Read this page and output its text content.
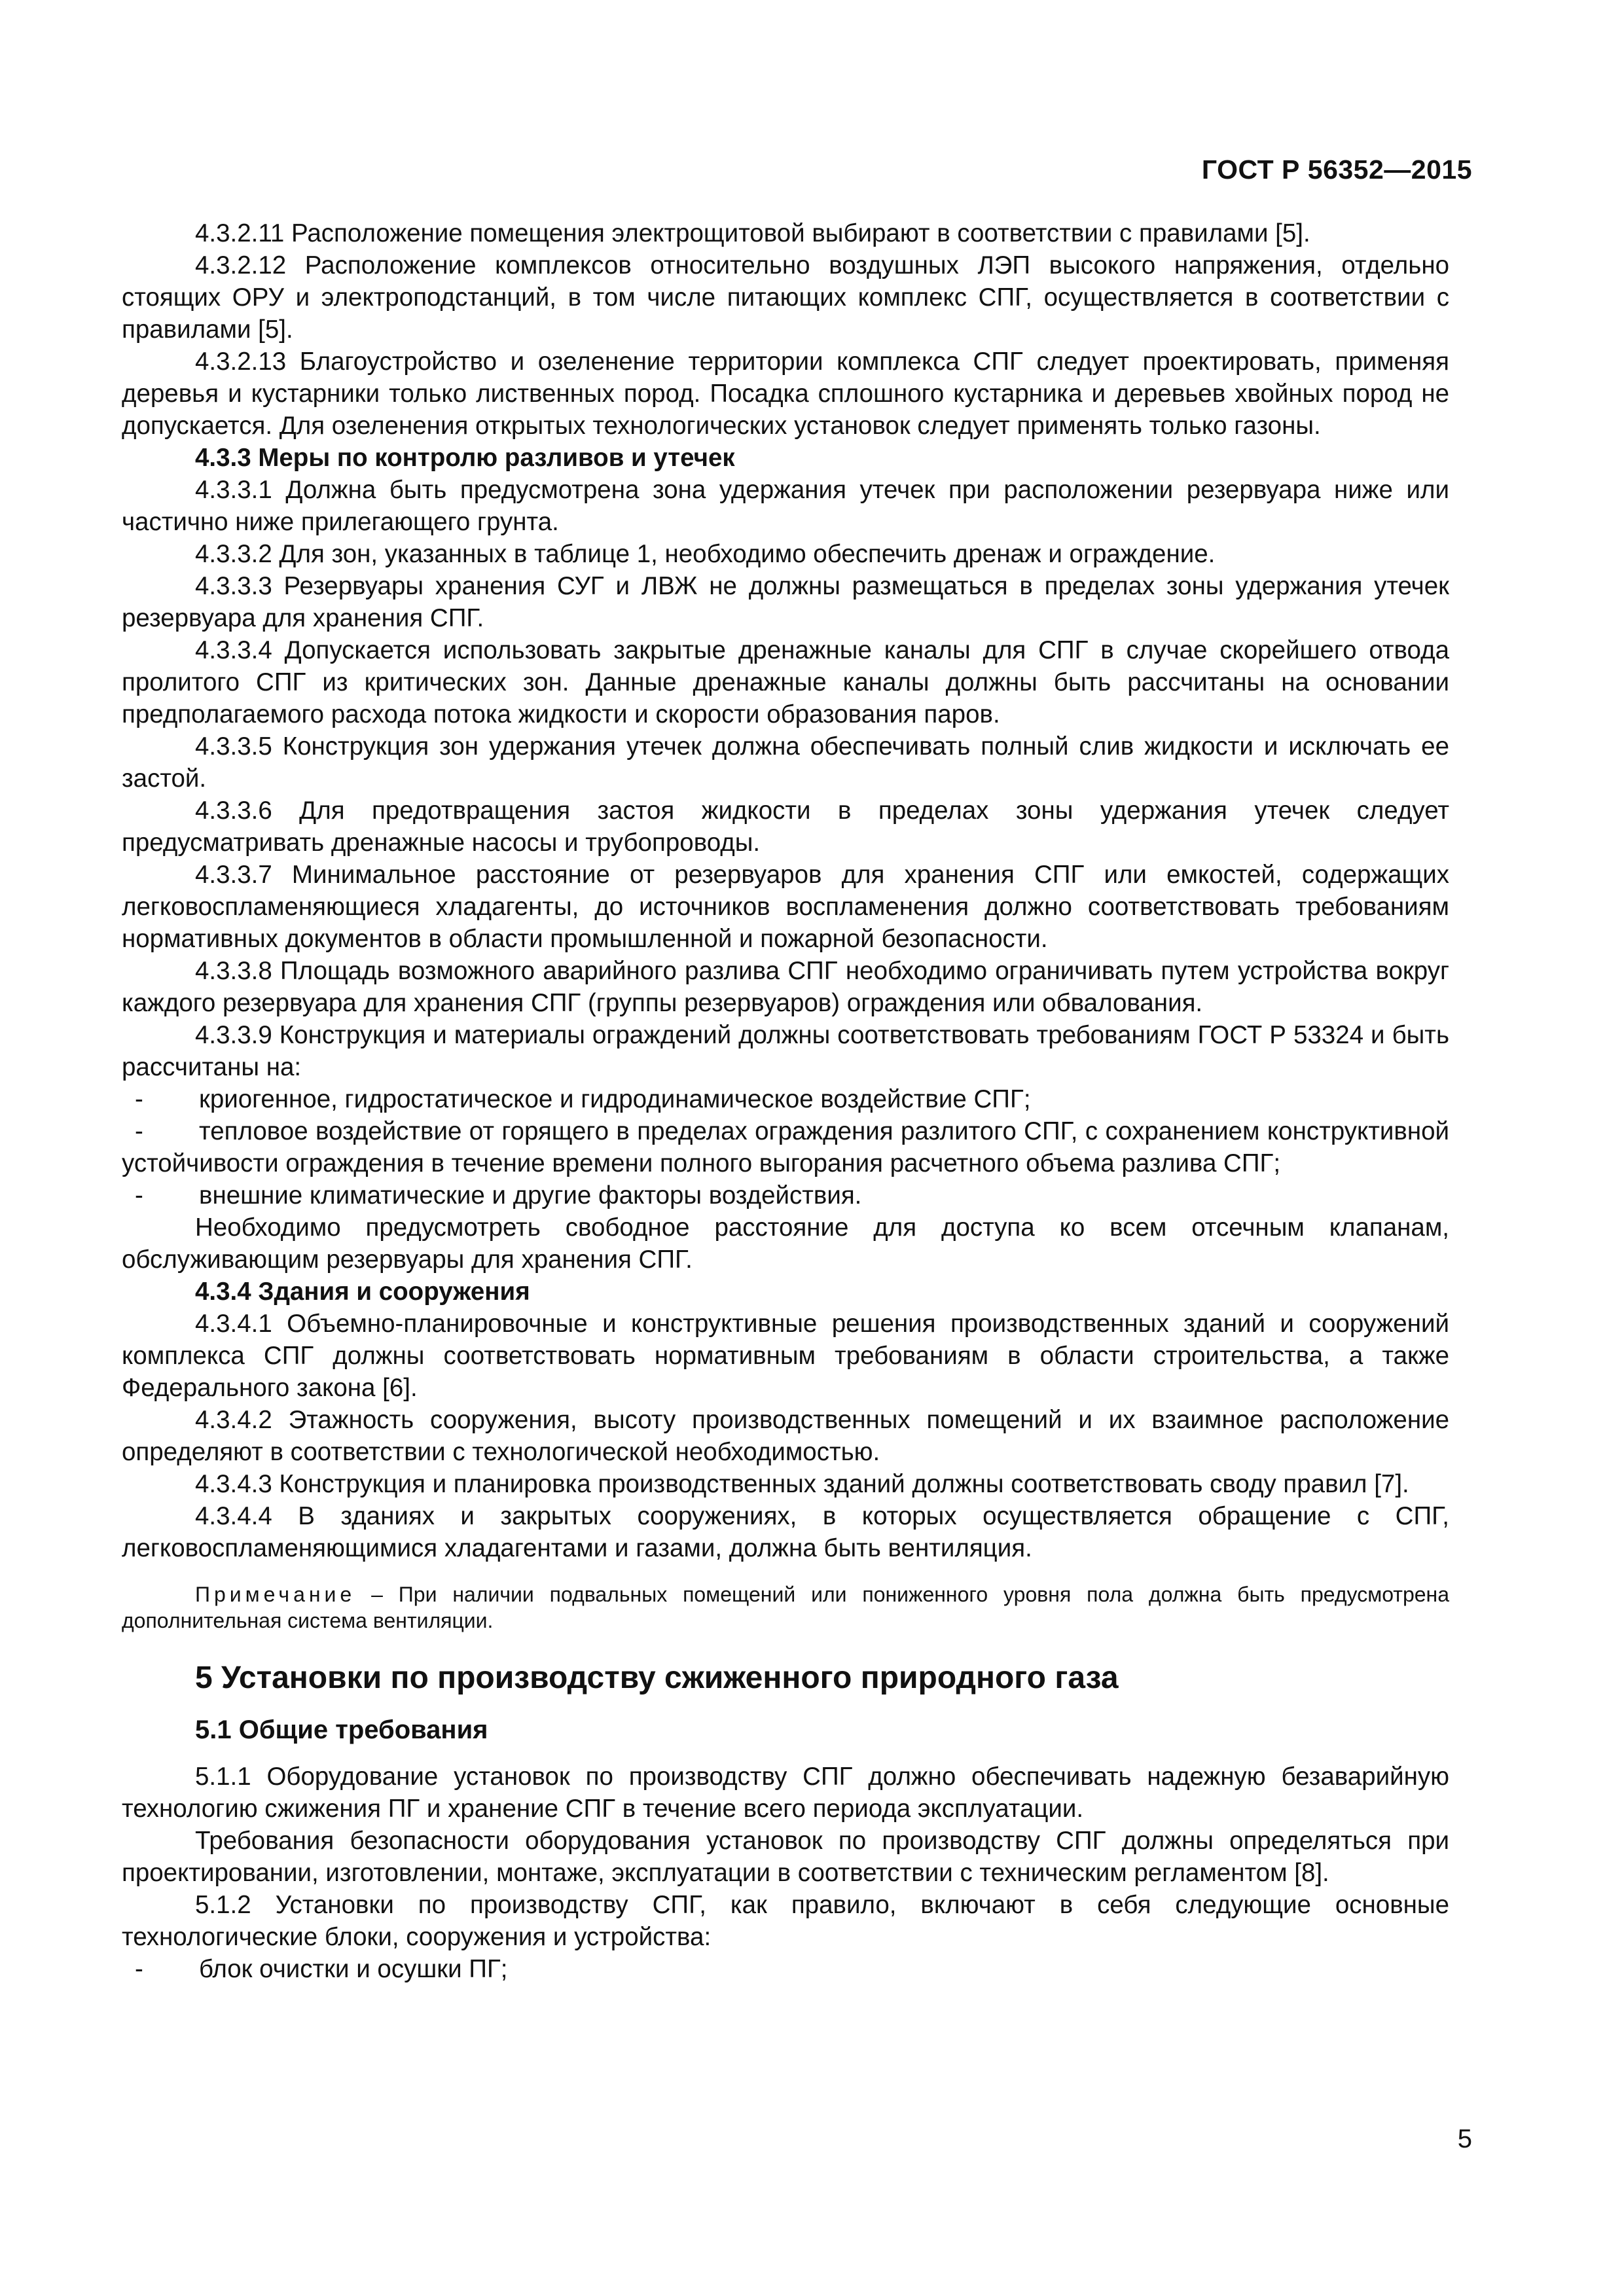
ГОСТ Р 56352—2015

4.3.2.11 Расположение помещения электрощитовой выбирают в соответствии с правилами [5].

4.3.2.12 Расположение комплексов относительно воздушных ЛЭП высокого напряжения, отдельно стоящих ОРУ и электроподстанций, в том числе питающих комплекс СПГ, осуществляется в соответствии с правилами [5].

4.3.2.13 Благоустройство и озеленение территории комплекса СПГ следует проектировать, применяя деревья и кустарники только лиственных пород. Посадка сплошного кустарника и деревьев хвойных пород не допускается. Для озеленения открытых технологических установок следует применять только газоны.

4.3.3 Меры по контролю разливов и утечек

4.3.3.1 Должна быть предусмотрена зона удержания утечек при расположении резервуара ниже или частично ниже прилегающего грунта.

4.3.3.2 Для зон, указанных в таблице 1, необходимо обеспечить дренаж и ограждение.

4.3.3.3 Резервуары хранения СУГ и ЛВЖ не должны размещаться в пределах зоны удержания утечек резервуара для хранения СПГ.

4.3.3.4 Допускается использовать закрытые дренажные каналы для СПГ в случае скорейшего отвода пролитого СПГ из критических зон. Данные дренажные каналы должны быть рассчитаны на основании предполагаемого расхода потока жидкости и скорости образования паров.

4.3.3.5 Конструкция зон удержания утечек должна обеспечивать полный слив жидкости и исключать ее застой.

4.3.3.6 Для предотвращения застоя жидкости в пределах зоны удержания утечек следует предусматривать дренажные насосы и трубопроводы.

4.3.3.7 Минимальное расстояние от резервуаров для хранения СПГ или емкостей, содержащих легковоспламеняющиеся хладагенты, до источников воспламенения должно соответствовать требованиям нормативных документов в области промышленной и пожарной безопасности.

4.3.3.8 Площадь возможного аварийного разлива СПГ необходимо ограничивать путем устройства вокруг каждого резервуара для хранения СПГ (группы резервуаров) ограждения или обвалования.

4.3.3.9 Конструкция и материалы ограждений должны соответствовать требованиям ГОСТ Р 53324 и быть рассчитаны на:

- криогенное, гидростатическое и гидродинамическое воздействие СПГ;

- тепловое воздействие от горящего в пределах ограждения разлитого СПГ, с сохранением конструктивной устойчивости ограждения в течение времени полного выгорания расчетного объема разлива СПГ;

- внешние климатические и другие факторы воздействия.

Необходимо предусмотреть свободное расстояние для доступа ко всем отсечным клапанам, обслуживающим резервуары для хранения СПГ.

4.3.4 Здания и сооружения

4.3.4.1 Объемно-планировочные и конструктивные решения производственных зданий и сооружений комплекса СПГ должны соответствовать нормативным требованиям в области строительства, а также Федерального закона [6].

4.3.4.2 Этажность сооружения, высоту производственных помещений и их взаимное расположение определяют в соответствии с технологической необходимостью.

4.3.4.3 Конструкция и планировка производственных зданий должны соответствовать своду правил [7].

4.3.4.4 В зданиях и закрытых сооружениях, в которых осуществляется обращение с СПГ, легковоспламеняющимися хладагентами и газами, должна быть вентиляция.

Примечание – При наличии подвальных помещений или пониженного уровня пола должна быть предусмотрена дополнительная система вентиляции.

5 Установки по производству сжиженного природного газа
5.1 Общие требования

5.1.1 Оборудование установок по производству СПГ должно обеспечивать надежную безаварийную технологию сжижения ПГ и хранение СПГ в течение всего периода эксплуатации.

Требования безопасности оборудования установок по производству СПГ должны определяться при проектировании, изготовлении, монтаже, эксплуатации в соответствии с техническим регламентом [8].

5.1.2 Установки по производству СПГ, как правило, включают в себя следующие основные технологические блоки, сооружения и устройства:

- блок очистки и осушки ПГ;

5
